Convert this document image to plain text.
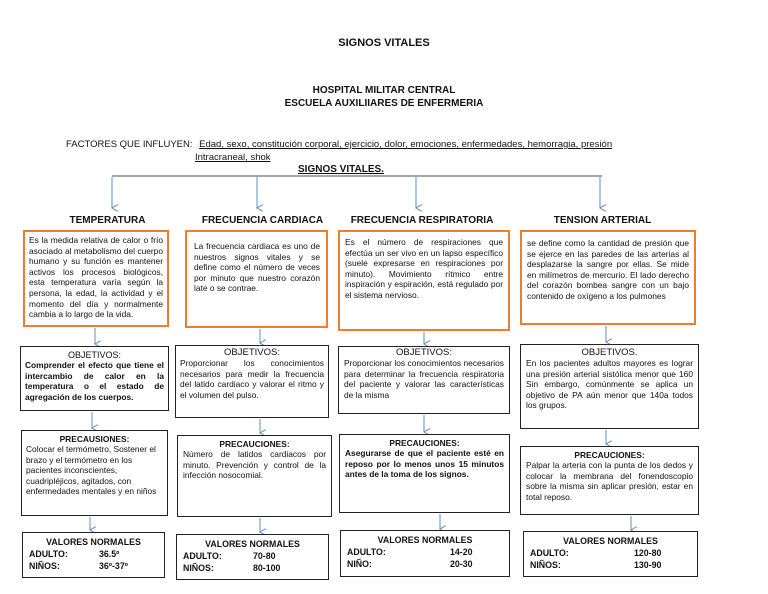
SIGNOS VITALES
HOSPITAL MILITAR CENTRAL
ESCUELA AUXILIIARES DE ENFERMERIA
FACTORES QUE INFLUYEN: Edad, sexo, constitución corporal, ejercicio, dolor, emociones, enfermedades, hemorragia, presión
Intracraneal, shok
SIGNOS VITALES.
TEMPERATURA	FRECUENCIA CARDIACA	FRECUENCIA RESPIRATORIA	TENSION ARTERIAL
Es la medida relativa de calor o frío asociado al metabolismo del cuerpo humano y su función es mantener activos los procesos biológicos, esta temperatura varía según la persona, la edad, la actividad y el momento del día y normalmente cambia a lo largo de la vida.
La frecuencia cardiaca es uno de nuestros signos vitales y se define como el número de veces por minuto que nuestro corazón late o se contrae.
Es el número de respiraciones que efectúa un ser vivo en un lapso específico (suele expresarse en respiraciones por minuto). Movimiento rítmico entre inspiración y espiración, está regulado por el sistema nervioso.
se define como la cantidad de presión que se ejerce en las paredes de las arterias al desplazarse la sangre por ellas. Se mide en milímetros de mercurio. El lado derecho del corazón bombea sangre con un bajo contenido de oxígeno a los pulmones
OBJETIVOS:
Comprender el efecto que tiene el intercambio de calor en la temperatura o el estado de agregación de los cuerpos.
OBJETIVOS:
Proporcionar los conocimientos necesarios para medir la frecuencia del latido cardiaco y valorar el ritmo y el volumen del pulso.
OBJETIVOS:
Proporcionar los conocimientos necesarios para determinar la frecuencia respiratoria del paciente y valorar las características de la misma
OBJETIVOS.
En los pacientes adultos mayores es lograr una presión arterial sistólica menor que 160 Sin embargo, comúnmente se aplica un objetivo de PA aún menor que 140a todos los grupos.
PRECAUSIONES:
Colocar el termómetro, Sostener el brazo y el termómetro en los pacientes inconscientes, cuadripléjicos, agitados, con enfermedades mentales y en niños
PRECAUCIONES:
Número de latidos cardiacos por minuto. Prevención y control de la infección nosocomial.
PRECAUCIONES:
Asegurarse de que el paciente esté en reposo por lo menos unos 15 minutos antes de la toma de los signos.
PRECAUCIONES:
Palpar la arteria con la punta de los dedos y colocar la membrana del fonendoscopio sobre la misma sin aplicar presión, estar en total reposo.
VALORES NORMALES
ADULTO:	36.5º
NIÑOS:	36º-37º
VALORES NORMALES
ADULTO:	70-80
NIÑOS:	80-100
VALORES NORMALES
ADULTO:	14-20
NIÑO:	20-30
VALORES NORMALES
ADULTO:	120-80
NIÑOS:	130-90
